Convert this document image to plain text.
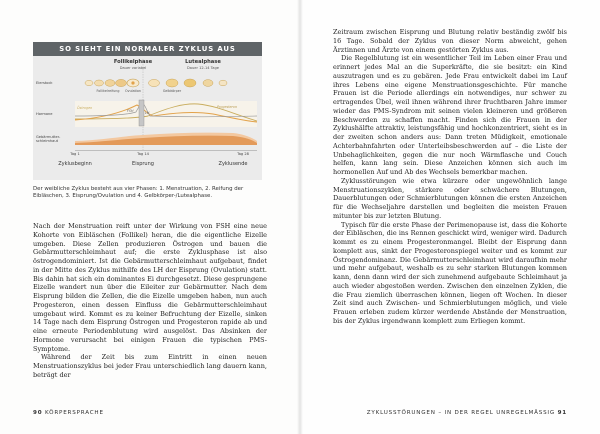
SO SIEHT EIN NORMALER ZYKLUS AUS
Follikelphase
Dauer variabel
Lutealphase
Dauer 12-14 Tage
Eierstock
Hormone
Gebärmutter-
schleimhaut
Follikelreifung	Ovulation	Gelbkörper
Östrogen	Progesteron
FSH	LH
Tag 1	Tag 14	Tag 28
Zyklusbeginn	Eisprung	Zyklusende
Der weibliche Zyklus besteht aus vier Phasen: 1. Menstruation, 2. Reifung der Eibläschen, 3. Eisprung/Ovulation und 4. Gelbkörper-/Lutealphase.

Nach der Menstruation reift unter der Wirkung von FSH eine neue Kohorte von Eibläschen (Follikel) heran, die die eigentliche Eizelle umgeben. Diese Zellen produzieren Östrogen und bauen die Gebärmutterschleimhaut auf; die erste Zyklusphase ist also östrogendominiert. Ist die Gebärmutterschleimhaut aufgebaut, findet in der Mitte des Zyklus mithilfe des LH der Eisprung (Ovulation) statt. Bis dahin hat sich ein dominantes Ei durchgesetzt. Diese gesprungene Eizelle wandert nun über die Eileiter zur Gebärmutter. Nach dem Eisprung bilden die Zellen, die die Eizelle umgeben haben, nun auch Progesteron, einen dessen Einfluss die Gebärmutterschleimhaut umgebaut wird. Kommt es zu keiner Befruchtung der Eizelle, sinken 14 Tage nach dem Eisprung Östrogen und Progesteron rapide ab und eine erneute Periodenblutung wird ausgelöst. Das Absinken der Hormone verursacht bei einigen Frauen die typischen PMS-Symptome.

Während der Zeit bis zum Eintritt in einen neuen Menstruationszyklus bei jeder Frau unterschiedlich lang dauern kann, beträgt der

Zeitraum zwischen Eisprung und Blutung relativ beständig zwölf bis 16 Tage. Sobald der Zyklus von dieser Norm abweicht, gehen Ärztinnen und Ärzte von einem gestörten Zyklus aus.

Die Regelblutung ist ein wesentlicher Teil im Leben einer Frau und erinnert jedes Mal an die Superkräfte, die sie besitzt: ein Kind auszutragen und es zu gebären. Jede Frau entwickelt dabei im Lauf ihres Lebens eine eigene Menstruationsgeschichte. Für manche Frauen ist die Periode allerdings ein notwendiges, nur schwer zu ertragendes Übel, weil ihnen während ihrer fruchtbaren Jahre immer wieder das PMS-Syndrom mit seinen vielen kleineren und größeren Beschwerden zu schaffen macht. Finden sich die Frauen in der Zyklushälfte attraktiv, leistungsfähig und hochkonzentriert, sieht es in der zweiten schon anders aus: Dann treten Müdigkeit, emotionale Achterbahnfahrten oder Unterleibsbeschwerden auf – die Liste der Unbehaglichkeiten, gegen die nur noch Wärmflasche und Couch helfen, kann lang sein. Diese Anzeichen können sich auch im hormonellen Auf und Ab des Wechsels bemerkbar machen.

Zyklusstörungen wie etwa kürzere oder ungewöhnlich lange Menstruationszyklen, stärkere oder schwächere Blutungen, Dauerblutungen oder Schmierblutungen können die ersten Anzeichen für die Wechseljahre darstellen und begleiten die meisten Frauen mitunter bis zur letzten Blutung.

Typisch für die erste Phase der Perimenopause ist, dass die Kohorte der Eibläschen, die ins Rennen geschickt wird, weniger wird. Dadurch kommt es zu einem Progesteronmangel. Bleibt der Eisprung dann komplett aus, sinkt der Progesteronspiegel weiter und es kommt zur Östrogendominanz. Die Gebärmutterschleimhaut wird daraufhin mehr und mehr aufgebaut, weshalb es zu sehr starken Blutungen kommen kann, denn dann wird der sich zunehmend aufgebaute Schleimhaut ja auch wieder abgestoßen werden. Zwischen den einzelnen Zyklen, die die Frau ziemlich überraschen können, liegen oft Wochen. In dieser Zeit sind auch Zwischen- und Schmierblutungen möglich, und viele Frauen erleben zudem kürzer werdende Abstände der Menstruation, bis der Zyklus irgendwann komplett zum Erliegen kommt.

90 KÖRPERSPRACHE	ZYKLUSSTÖRUNGEN – IN DER REGEL UNREGELMÄSSIG 91
